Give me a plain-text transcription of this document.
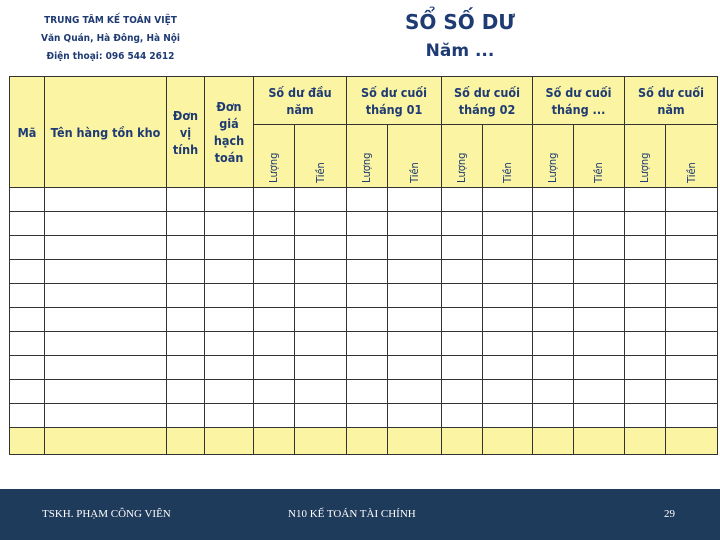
TRUNG TÂM KẾ TOÁN VIỆT
Văn Quán, Hà Đông, Hà Nội
Điện thoại: 096 544 2612
SỔ SỐ DƯ
Năm ...
Mã	Tên hàng tồn kho	Đơn vị tính	Đơn giá hạch toán	Số dư đầu năm		Số dư cuối tháng 01		Số dư cuối tháng 02		Số dư cuối tháng ...		Số dư cuối năm	
				Lượng	Tiền	Lượng	Tiền	Lượng	Tiền	Lượng	Tiền	Lượng	Tiền

TSKH. PHẠM CÔNG VIÊN	N10 KẾ TOÁN TÀI CHÍNH	29
